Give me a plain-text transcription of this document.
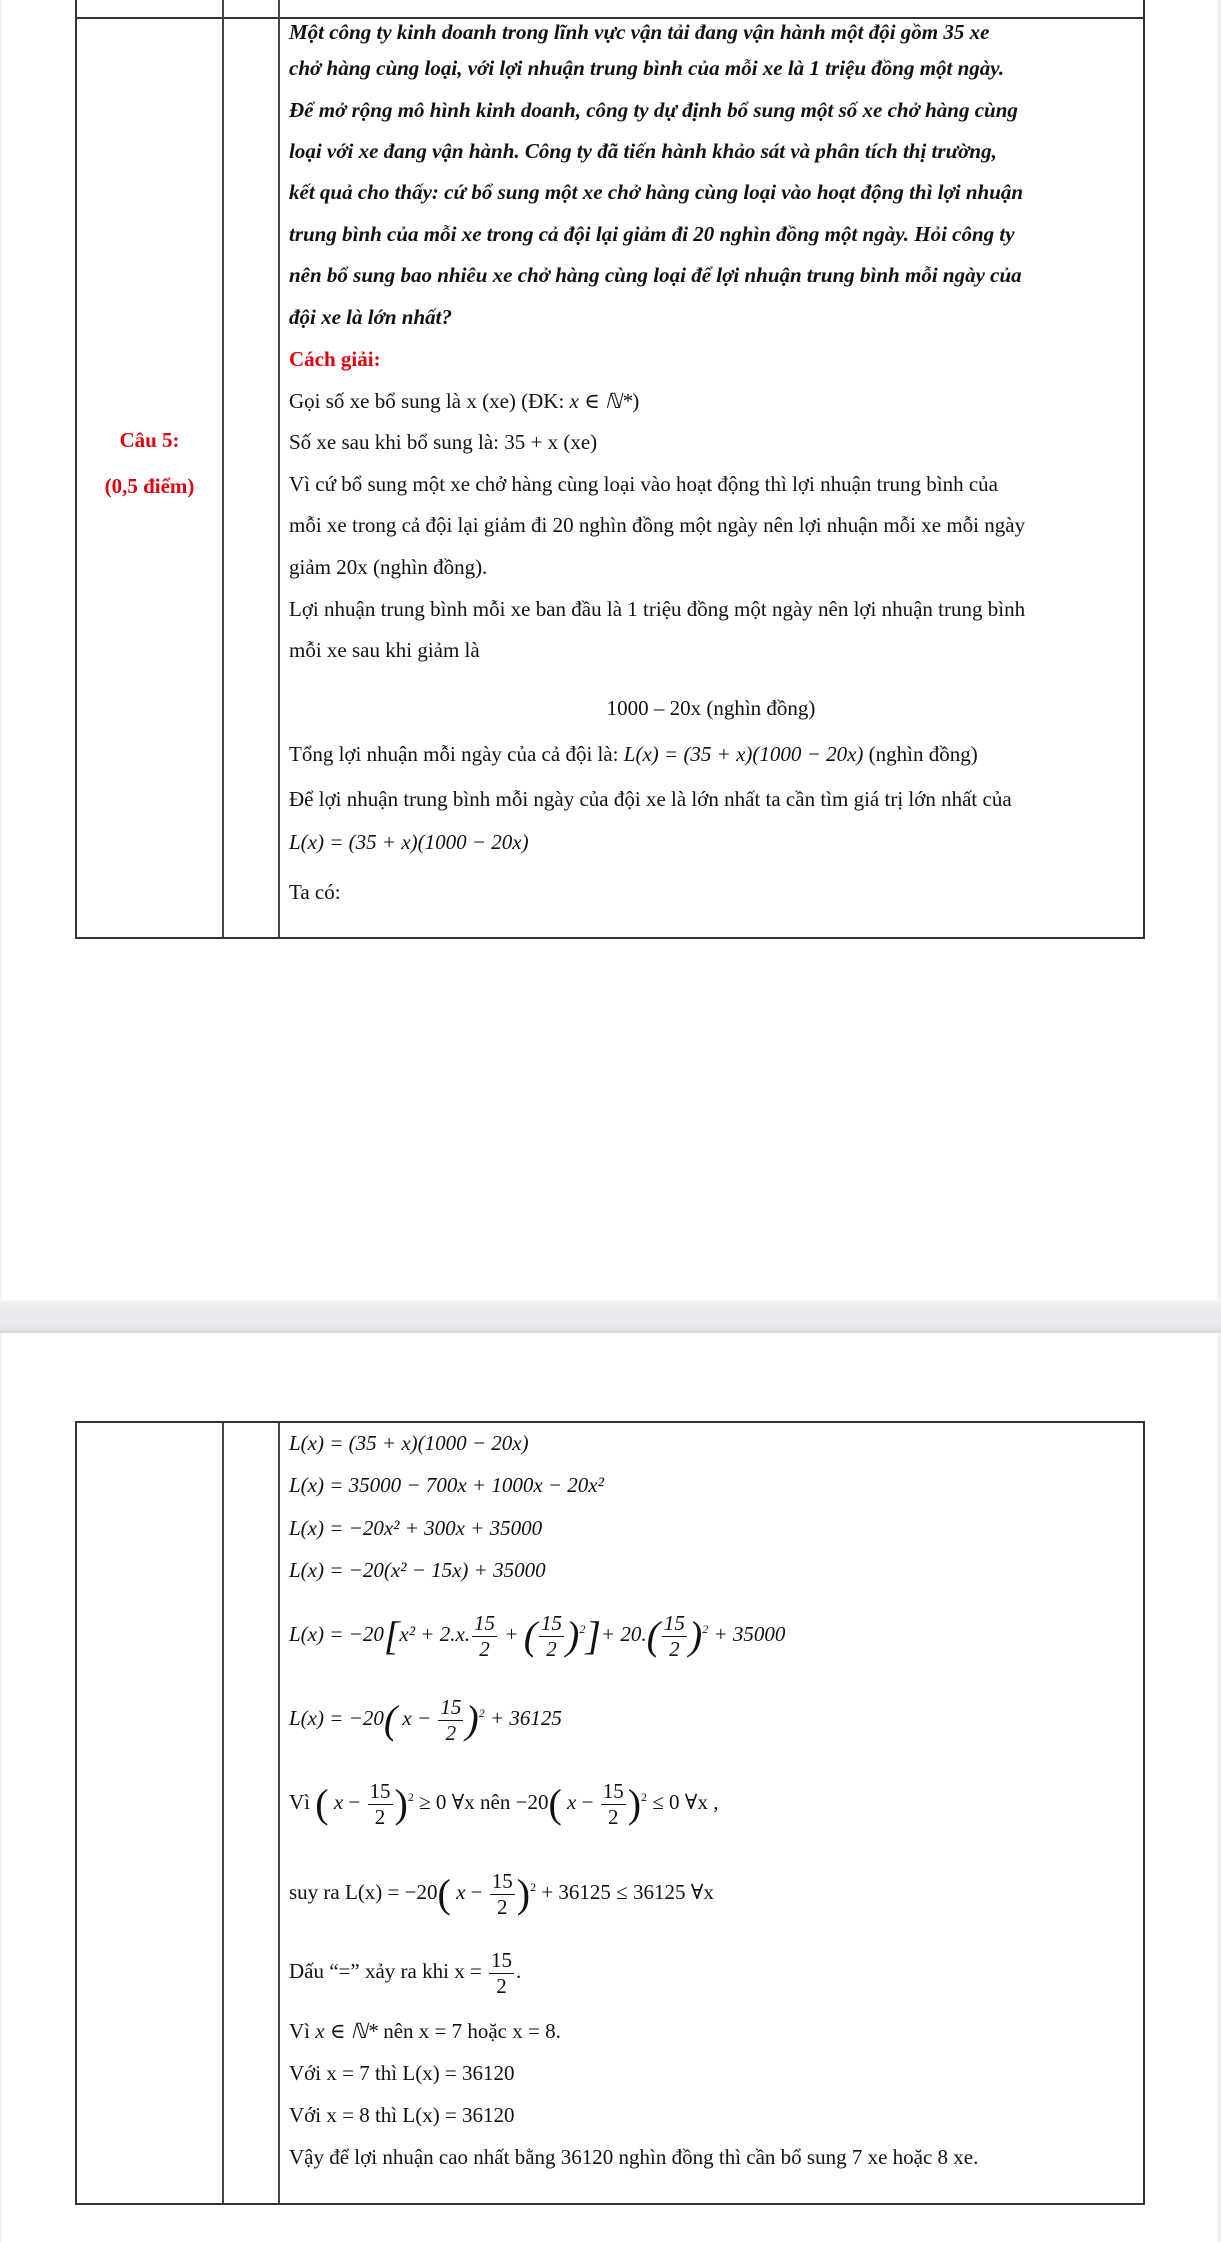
Câu 5:
(0,5 điểm)
Một công ty kinh doanh trong lĩnh vực vận tải đang vận hành một đội gồm 35 xe
chở hàng cùng loại, với lợi nhuận trung bình của mỗi xe là 1 triệu đồng một ngày.
Để mở rộng mô hình kinh doanh, công ty dự định bổ sung một số xe chở hàng cùng
loại với xe đang vận hành. Công ty đã tiến hành khảo sát và phân tích thị trường,
kết quả cho thấy: cứ bổ sung một xe chở hàng cùng loại vào hoạt động thì lợi nhuận
trung bình của mỗi xe trong cả đội lại giảm đi 20 nghìn đồng một ngày. Hỏi công ty
nên bổ sung bao nhiêu xe chở hàng cùng loại để lợi nhuận trung bình mỗi ngày của
đội xe là lớn nhất?
Cách giải:
Gọi số xe bổ sung là x (xe) (ĐK: x ∈ ℕ*)
Số xe sau khi bổ sung là: 35 + x (xe)
Vì cứ bổ sung một xe chở hàng cùng loại vào hoạt động thì lợi nhuận trung bình của
mỗi xe trong cả đội lại giảm đi 20 nghìn đồng một ngày nên lợi nhuận mỗi xe mỗi ngày
giảm 20x (nghìn đồng).
Lợi nhuận trung bình mỗi xe ban đầu là 1 triệu đồng một ngày nên lợi nhuận trung bình
mỗi xe sau khi giảm là
1000 – 20x (nghìn đồng)
Tổng lợi nhuận mỗi ngày của cả đội là: L(x) = (35 + x)(1000 − 20x) (nghìn đồng)
Để lợi nhuận trung bình mỗi ngày của đội xe là lớn nhất ta cần tìm giá trị lớn nhất của
L(x) = (35 + x)(1000 − 20x)
Ta có:
L(x) = (35 + x)(1000 − 20x)
L(x) = 35000 − 700x + 1000x − 20x²
L(x) = −20x² + 300x + 35000
L(x) = −20(x² − 15x) + 35000
L(x) = −20[x² + 2.x. $\frac{15}{2}$ + ( $\frac{15}{2} )^2]+ 20.( \frac{15}{2} )^2 + 35000$
L(x) = −20( $x - \frac{15}{2} )^2 + 36125$
Vì ( $x - \frac{15}{2} )^2 \ge 0$ ∀x nên −20( $x - \frac{15}{2} )^2 \le 0$ ∀x ,
suy ra L(x) = −20( $x - \frac{15}{2} )^2 + 36125 \le 36125$ ∀x
Dấu “=” xảy ra khi $x = \frac{15}{2}$ .
Vì x ∈ ℕ* nên x = 7 hoặc x = 8.
Với x = 7 thì L(x) = 36120
Với x = 8 thì L(x) = 36120
Vậy để lợi nhuận cao nhất bằng 36120 nghìn đồng thì cần bổ sung 7 xe hoặc 8 xe.
